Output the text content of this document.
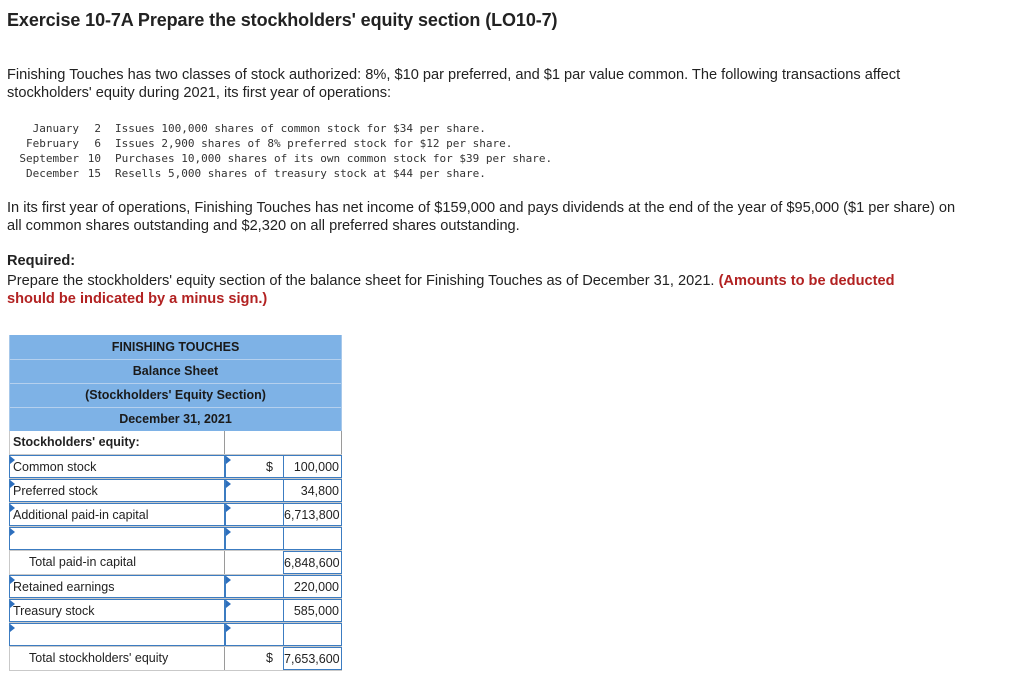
Exercise 10-7A Prepare the stockholders' equity section (LO10-7)
Finishing Touches has two classes of stock authorized: 8%, $10 par preferred, and $1 par value common. The following transactions affect stockholders' equity during 2021, its first year of operations:
January	2	Issues 100,000 shares of common stock for $34 per share.
February	6	Issues 2,900 shares of 8% preferred stock for $12 per share.
September 10	Purchases 10,000 shares of its own common stock for $39 per share.
December 15	Resells 5,000 shares of treasury stock at $44 per share.
In its first year of operations, Finishing Touches has net income of $159,000 and pays dividends at the end of the year of $95,000 ($1 per share) on all common shares outstanding and $2,320 on all preferred shares outstanding.
Required:
Prepare the stockholders' equity section of the balance sheet for Finishing Touches as of December 31, 2021. (Amounts to be deducted should be indicated by a minus sign.)
FINISHING TOUCHES
Balance Sheet
(Stockholders' Equity Section)
December 31, 2021
Stockholders' equity:
Common stock	$	100,000
Preferred stock	34,800
Additional paid-in capital	6,713,800
Total paid-in capital	6,848,600
Retained earnings	220,000
Treasury stock	585,000
Total stockholders' equity	$ 7,653,600
